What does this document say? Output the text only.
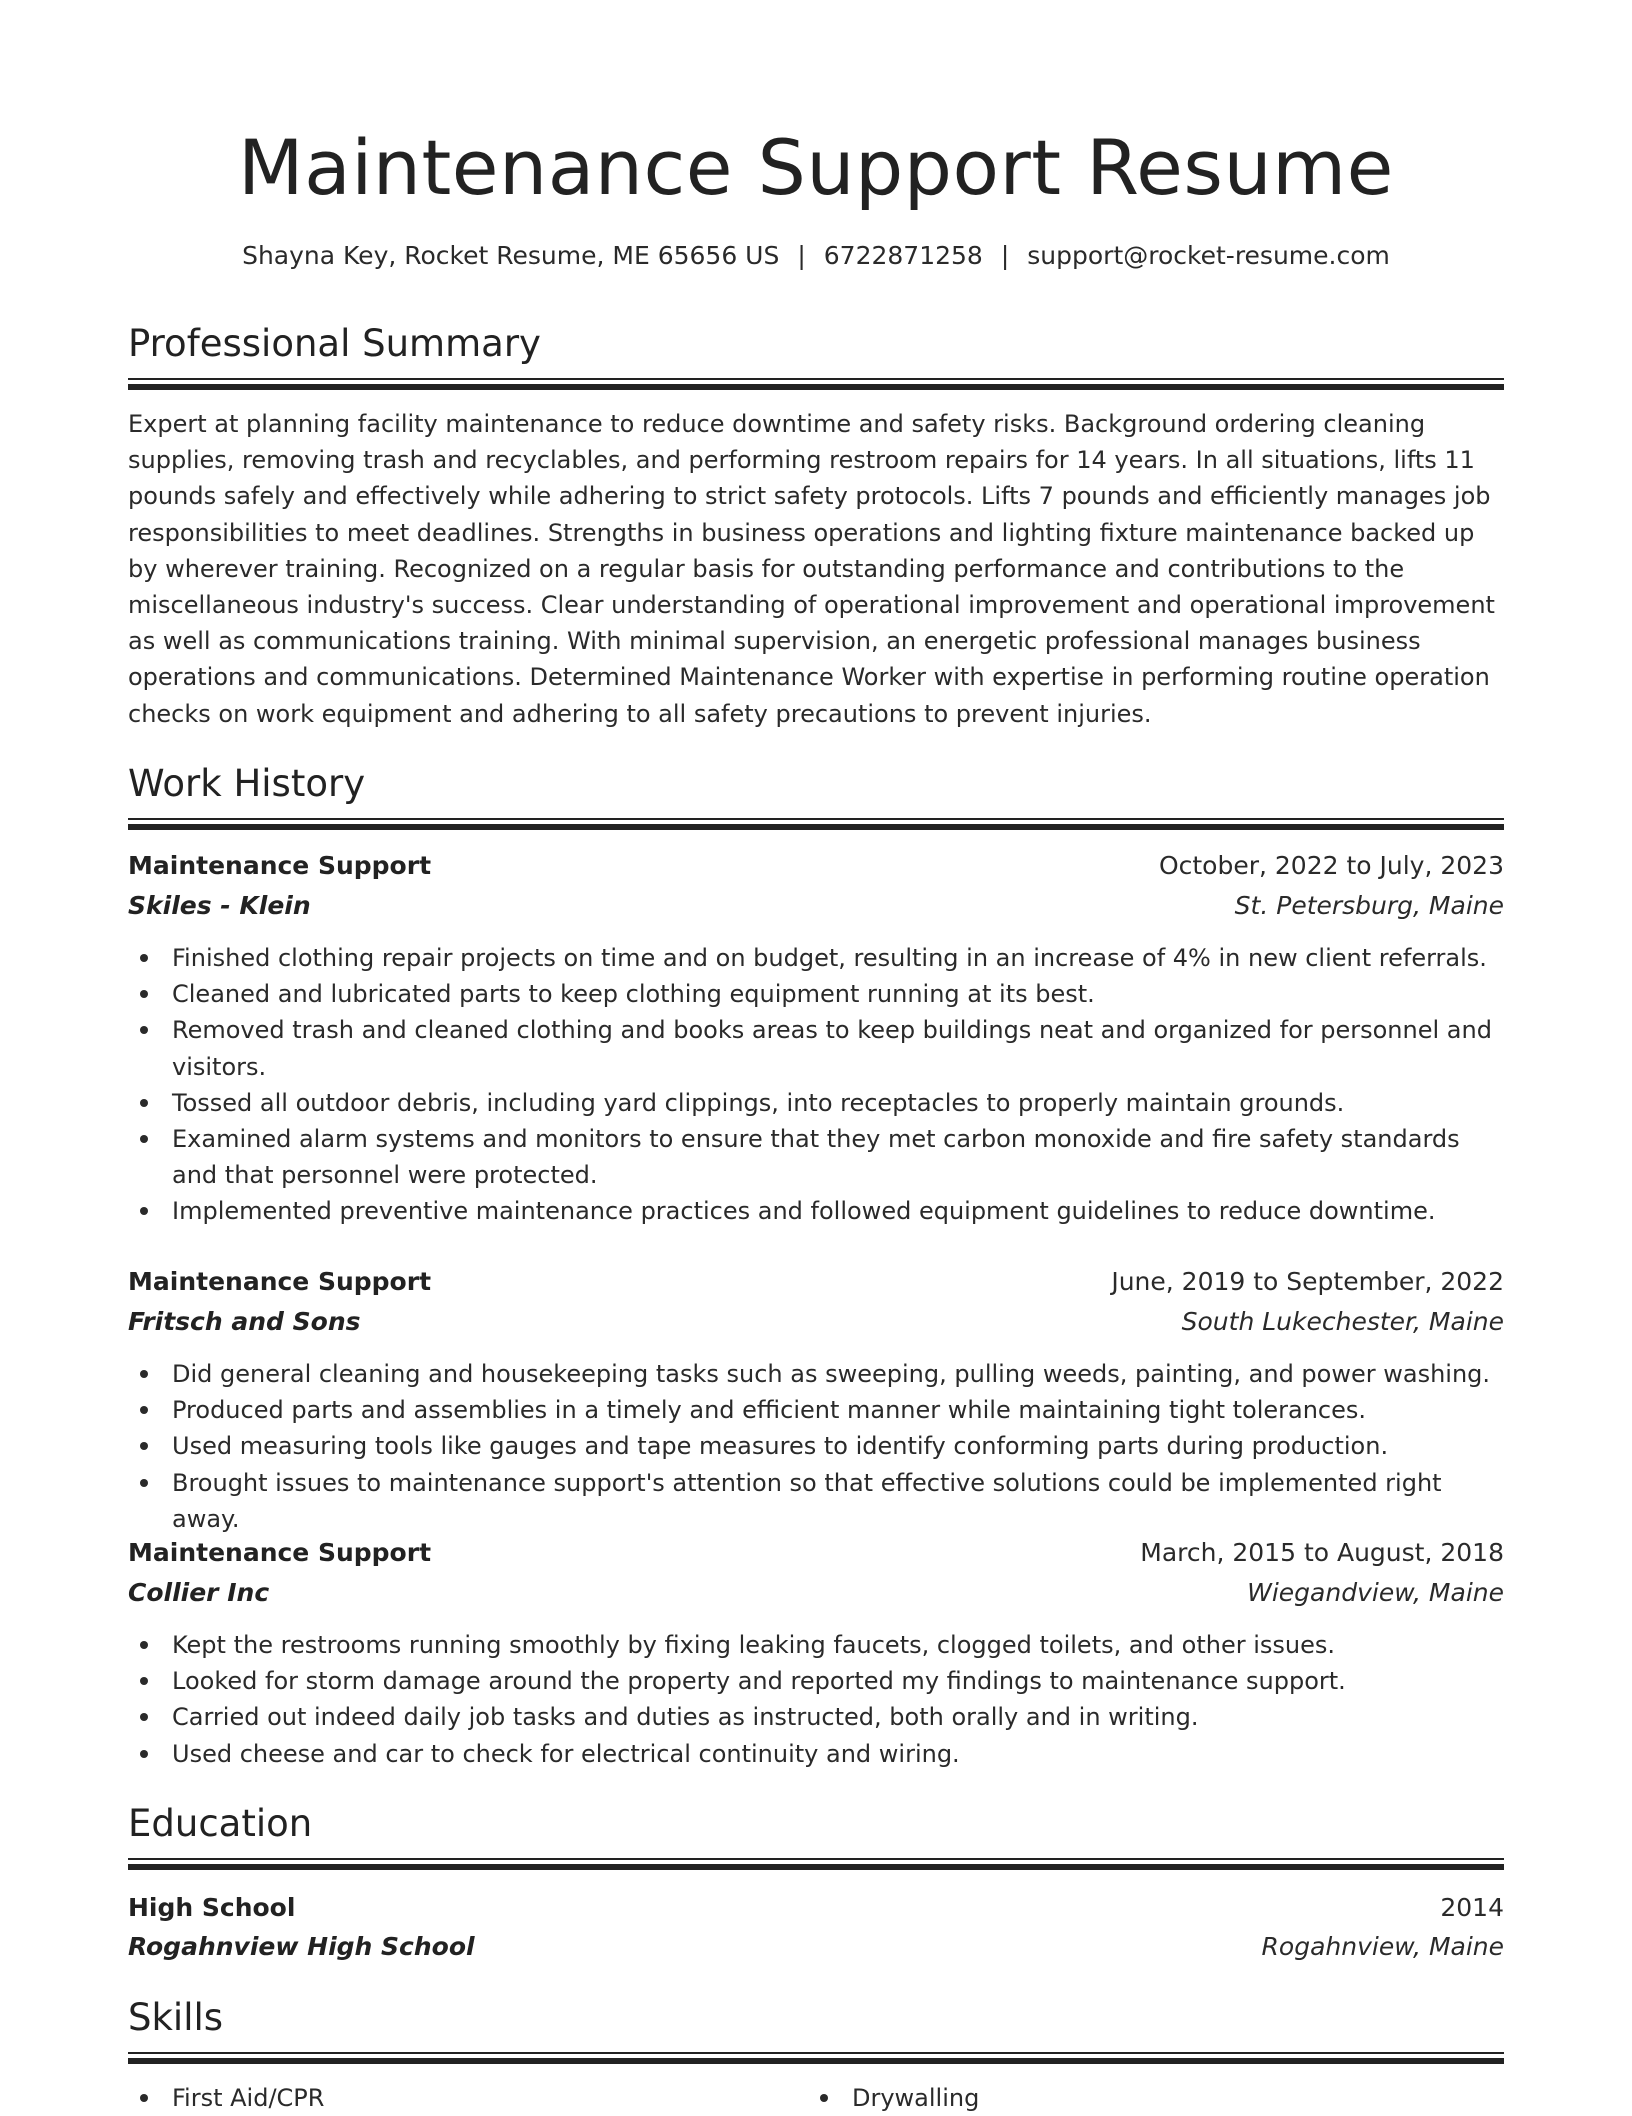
Maintenance Support Resume
Shayna Key, Rocket Resume, ME 65656 US | 6722871258 | support@rocket-resume.com
Professional Summary

Expert at planning facility maintenance to reduce downtime and safety risks. Background ordering cleaning supplies, removing trash and recyclables, and performing restroom repairs for 14 years. In all situations, lifts 11 pounds safely and effectively while adhering to strict safety protocols. Lifts 7 pounds and efficiently manages job responsibilities to meet deadlines. Strengths in business operations and lighting fixture maintenance backed up by wherever training. Recognized on a regular basis for outstanding performance and contributions to the miscellaneous industry's success. Clear understanding of operational improvement and operational improvement as well as communications training. With minimal supervision, an energetic professional manages business operations and communications. Determined Maintenance Worker with expertise in performing routine operation checks on work equipment and adhering to all safety precautions to prevent injuries.

Work History
Maintenance Support	October, 2022 to July, 2023
Skiles - Klein	St. Petersburg, Maine
Finished clothing repair projects on time and on budget, resulting in an increase of 4% in new client referrals.
Cleaned and lubricated parts to keep clothing equipment running at its best.
Removed trash and cleaned clothing and books areas to keep buildings neat and organized for personnel and visitors.
Tossed all outdoor debris, including yard clippings, into receptacles to properly maintain grounds.
Examined alarm systems and monitors to ensure that they met carbon monoxide and fire safety standards and that personnel were protected.
Implemented preventive maintenance practices and followed equipment guidelines to reduce downtime.
Maintenance Support	June, 2019 to September, 2022
Fritsch and Sons	South Lukechester, Maine
Did general cleaning and housekeeping tasks such as sweeping, pulling weeds, painting, and power washing.
Produced parts and assemblies in a timely and efficient manner while maintaining tight tolerances.
Used measuring tools like gauges and tape measures to identify conforming parts during production.
Brought issues to maintenance support's attention so that effective solutions could be implemented right away.
Maintenance Support	March, 2015 to August, 2018
Collier Inc	Wiegandview, Maine
Kept the restrooms running smoothly by fixing leaking faucets, clogged toilets, and other issues.
Looked for storm damage around the property and reported my findings to maintenance support.
Carried out indeed daily job tasks and duties as instructed, both orally and in writing.
Used cheese and car to check for electrical continuity and wiring.
Education
High School	2014
Rogahnview High School	Rogahnview, Maine
Skills
First Aid/CPR	Drywalling
